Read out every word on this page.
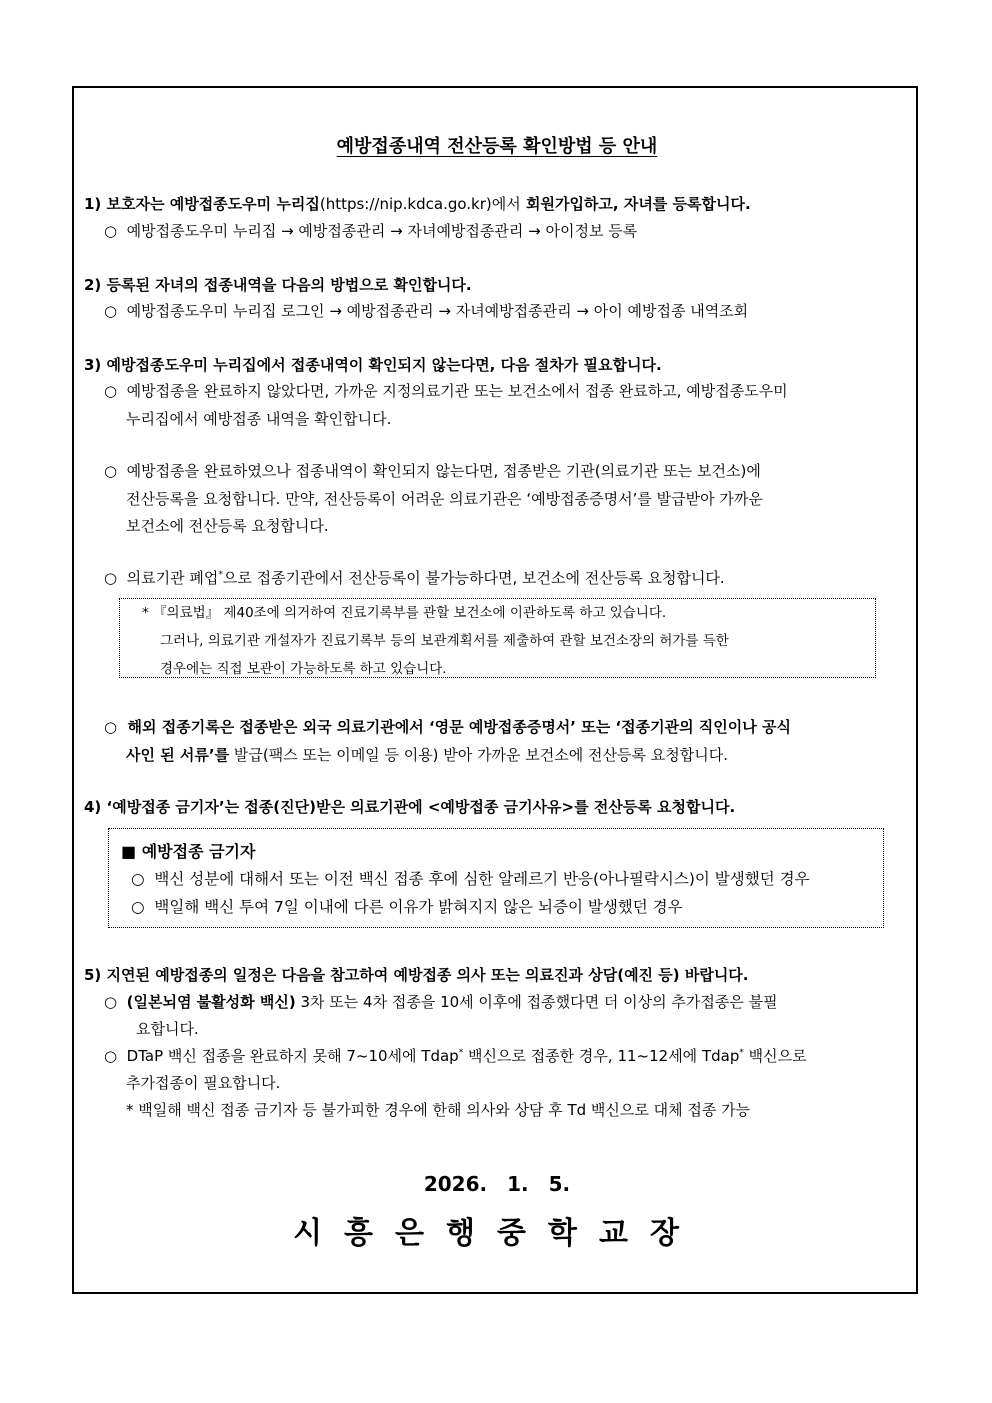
예방접종내역 전산등록 확인방법 등 안내
1) 보호자는 예방접종도우미 누리집(https://nip.kdca.go.kr)에서 회원가입하고, 자녀를 등록합니다.
○ 예방접종도우미 누리집 → 예방접종관리 → 자녀예방접종관리 → 아이정보 등록
2) 등록된 자녀의 접종내역을 다음의 방법으로 확인합니다.
○ 예방접종도우미 누리집 로그인 → 예방접종관리 → 자녀예방접종관리 → 아이 예방접종 내역조회
3) 예방접종도우미 누리집에서 접종내역이 확인되지 않는다면, 다음 절차가 필요합니다.
○ 예방접종을 완료하지 않았다면, 가까운 지정의료기관 또는 보건소에서 접종 완료하고, 예방접종도우미
누리집에서 예방접종 내역을 확인합니다.
○ 예방접종을 완료하였으나 접종내역이 확인되지 않는다면, 접종받은 기관(의료기관 또는 보건소)에
전산등록을 요청합니다. 만약, 전산등록이 어려운 의료기관은 ‘예방접종증명서’를 발급받아 가까운
보건소에 전산등록 요청합니다.
○ 의료기관 폐업*으로 접종기관에서 전산등록이 불가능하다면, 보건소에 전산등록 요청합니다.
* 『의료법』 제40조에 의거하여 진료기록부를 관할 보건소에 이관하도록 하고 있습니다.
그러나, 의료기관 개설자가 진료기록부 등의 보관계획서를 제출하여 관할 보건소장의 허가를 득한
경우에는 직접 보관이 가능하도록 하고 있습니다.
○ 해외 접종기록은 접종받은 외국 의료기관에서 ‘영문 예방접종증명서’ 또는 ‘접종기관의 직인이나 공식
사인 된 서류’를 발급(팩스 또는 이메일 등 이용) 받아 가까운 보건소에 전산등록 요청합니다.
4) ‘예방접종 금기자’는 접종(진단)받은 의료기관에 <예방접종 금기사유>를 전산등록 요청합니다.
■ 예방접종 금기자
○ 백신 성분에 대해서 또는 이전 백신 접종 후에 심한 알레르기 반응(아나필락시스)이 발생했던 경우
○ 백일해 백신 투여 7일 이내에 다른 이유가 밝혀지지 않은 뇌증이 발생했던 경우
5) 지연된 예방접종의 일정은 다음을 참고하여 예방접종 의사 또는 의료진과 상담(예진 등) 바랍니다.
○ (일본뇌염 불활성화 백신) 3차 또는 4차 접종을 10세 이후에 접종했다면 더 이상의 추가접종은 불필
요합니다.
○ DTaP 백신 접종을 완료하지 못해 7~10세에 Tdap* 백신으로 접종한 경우, 11~12세에 Tdap* 백신으로
추가접종이 필요합니다.
* 백일해 백신 접종 금기자 등 불가피한 경우에 한해 의사와 상담 후 Td 백신으로 대체 접종 가능
2026. 1. 5.
시흥은행중학교장
